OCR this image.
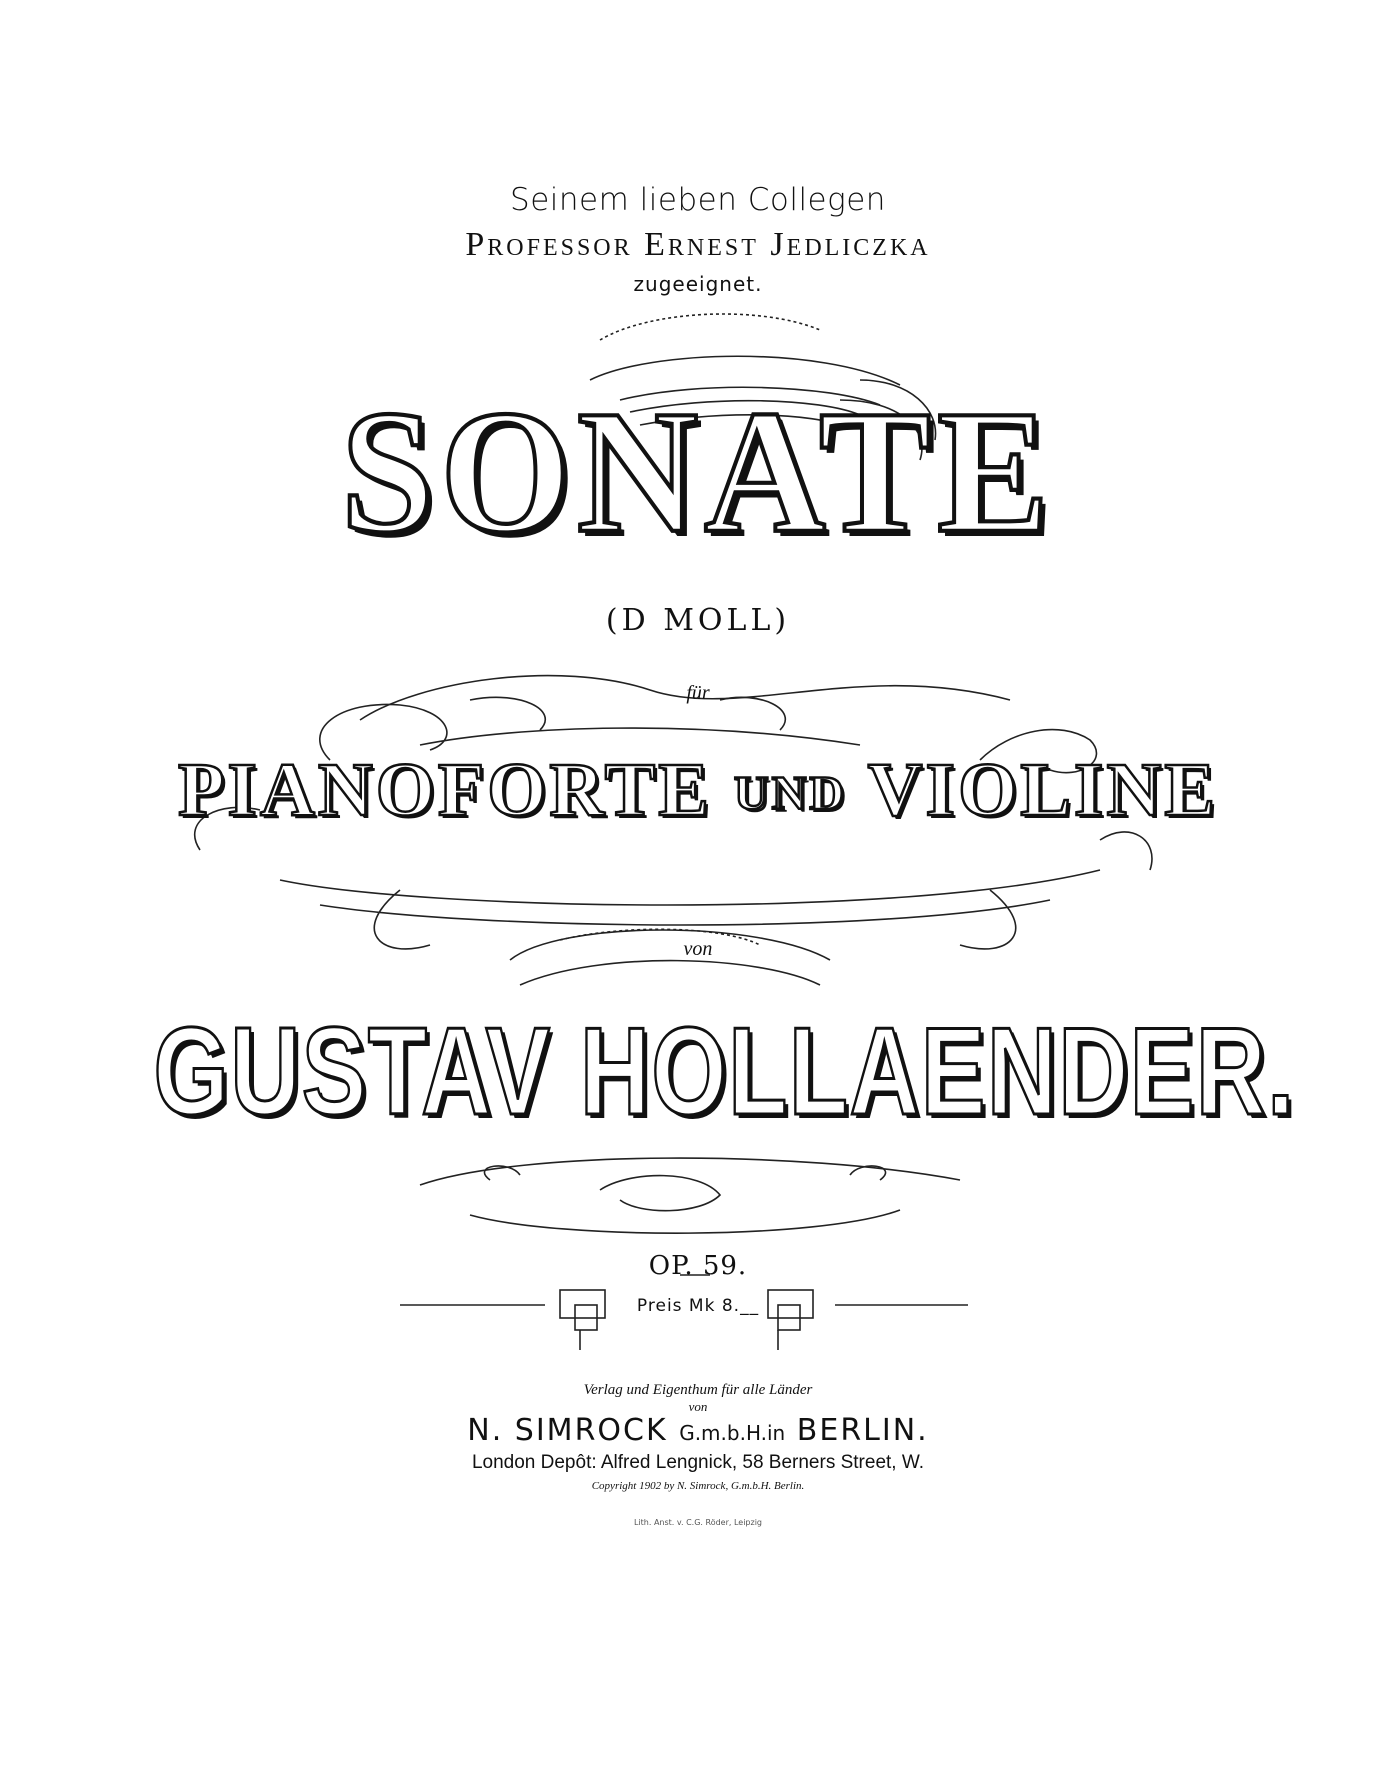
Seinem lieben Collegen
Professor Ernest Jedliczka
zugeeignet.
SONATE
(D MOLL)
für
PIANOFORTE UND VIOLINE
von
GUSTAV HOLLAENDER.
OP. 59.
Preis Mk 8.__
Verlag und Eigenthum für alle Länder
von
N. SIMROCK G.m.b.H.in BERLIN.
London Depôt: Alfred Lengnick, 58 Berners Street, W.
Copyright 1902 by N. Simrock, G.m.b.H. Berlin.
Lith. Anst. v. C.G. Röder, Leipzig
